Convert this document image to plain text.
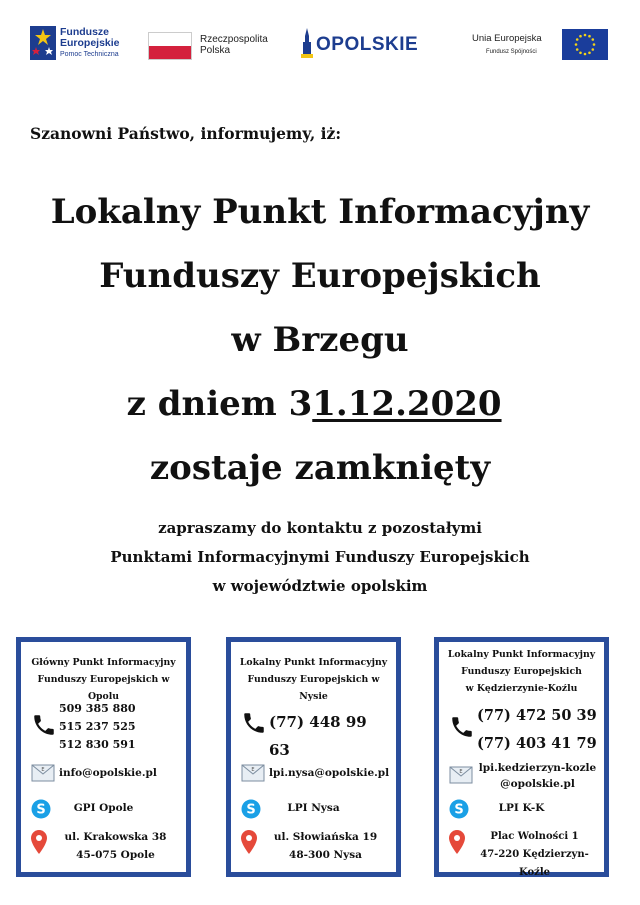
Fundusze Europejskie
Pomoc Techniczna
Rzeczpospolita Polska	OPOLSKIE	Unia Europejska
Fundusz Spójności
Szanowni Państwo, informujemy, iż:
Lokalny Punkt Informacyjny
Funduszy Europejskich
w Brzegu
z dniem 31.12.2020
zostaje zamknięty
zapraszamy do kontaktu z pozostałymi
Punktami Informacyjnymi Funduszy Europejskich
w województwie opolskim
Główny Punkt Informacyjny
Funduszy Europejskich w Opolu
509 385 880
515 237 525
512 830 591
E info@opolskie.pl
S	GPI Opole
ul. Krakowska 38
45-075 Opole
Lokalny Punkt Informacyjny
Funduszy Europejskich w Nysie
(77) 448 99 63
E lpi.nysa@opolskie.pl
S	LPI Nysa
ul. Słowiańska 19
48-300 Nysa
Lokalny Punkt Informacyjny
Funduszy Europejskich
w Kędzierzynie-Koźlu
(77) 472 50 39
(77) 403 41 79
E lpi.kedzierzyn-kozle
@opolskie.pl
S	LPI K-K
Plac Wolności 1
47-220 Kędzierzyn-Koźle
